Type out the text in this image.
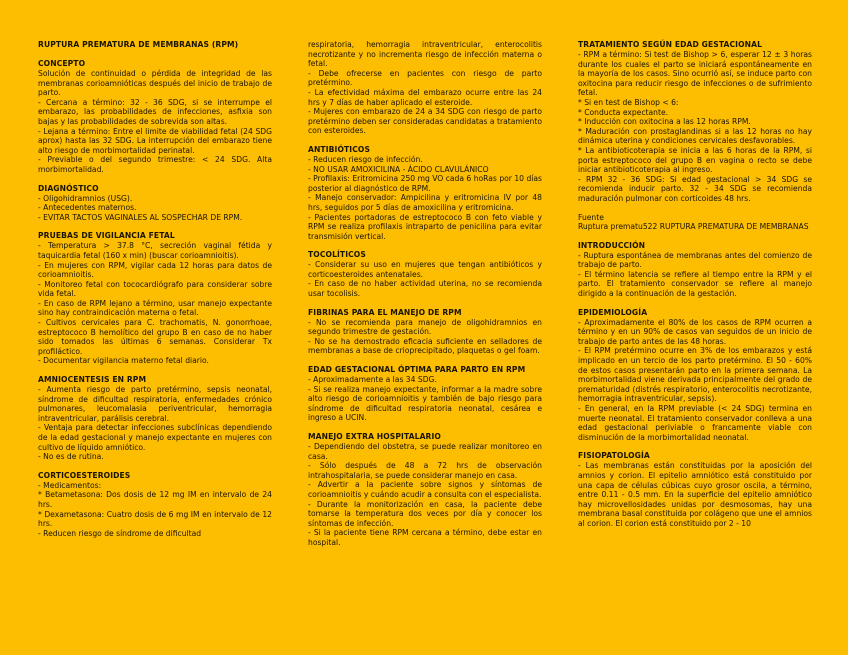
RUPTURA PREMATURA DE MEMBRANAS (RPM)
CONCEPTO
Solución de continuidad o pérdida de integridad de las membranas corioamnióticas después del inicio de trabajo de parto.
- Cercana a término: 32 - 36 SDG, si se interrumpe el embarazo, las probabilidades de infecciones, asfixia son bajas y las probabilidades de sobrevida son altas.
- Lejana a término: Entre el limite de viabilidad fetal (24 SDG aprox) hasta las 32 SDG. La interrupción del embarazo tiene alto riesgo de morbimortalidad perinatal.
- Previable o del segundo trimestre: < 24 SDG. Alta morbimortalidad.
DIAGNÓSTICO
- Oligohidramnios (USG).
- Antecedentes maternos.
- EVITAR TACTOS VAGINALES AL SOSPECHAR DE RPM.
PRUEBAS DE VIGILANCIA FETAL
- Temperatura > 37.8 °C, secreción vaginal fétida y taquicardia fetal (160 x min) (buscar corioamnioitis).
- En mujeres con RPM, vigilar cada 12 horas para datos de corioamnioitis.
- Monitoreo fetal con tococardiógrafo para considerar sobre vida fetal.
- En caso de RPM lejano a término, usar manejo expectante sino hay contraindicación materna o fetal.
- Cultivos cervicales para C. trachomatis, N. gonorrhoae, estreptococo B hemolítico del grupo B en caso de no haber sido tomados las últimas 6 semanas. Considerar Tx profiláctico.
- Documentar vigilancia materno fetal diario.
AMNIOCENTESIS EN RPM
- Aumenta riesgo de parto pretérmino, sepsis neonatal, síndrome de dificultad respiratoria, enfermedades crónico pulmonares, leucomalasia periventricular, hemorragia intraventricular, parálisis cerebral.
- Ventaja para detectar infecciones subclínicas dependiendo de la edad gestacional y manejo expectante en mujeres con cultivo de líquido amniótico.
- No es de rutina.
CORTICOESTEROIDES
- Medicamentos:
* Betametasona: Dos dosis de 12 mg IM en intervalo de 24 hrs.
* Dexametasona: Cuatro dosis de 6 mg IM en intervalo de 12 hrs.
- Reducen riesgo de síndrome de dificultad
respiratoria, hemorragia intraventricular, enterocolitis necrotizante y no incrementa riesgo de infección materna o fetal.
- Debe ofrecerse en pacientes con riesgo de parto pretérmino.
- La efectividad máxima del embarazo ocurre entre las 24 hrs y 7 días de haber aplicado el esteroide.
- Mujeres con embarazo de 24 a 34 SDG con riesgo de parto pretérmino deben ser consideradas candidatas a tratamiento con esteroides.
ANTIBIÓTICOS
- Reducen riesgo de infección.
- NO USAR AMOXICILINA - ÁCIDO CLAVULÁNICO
- Profilaxis: Eritromicina 250 mg VO cada 6 hoRas por 10 días posterior al diagnóstico de RPM.
- Manejo conservador: Ampicilina y eritromicina IV por 48 hrs, seguidos por 5 días de amoxicilina y eritromicina.
- Pacientes portadoras de estreptococo B con feto viable y RPM se realiza profilaxis intraparto de penicilina para evitar transmisión vertical.
TOCOLÍTICOS
- Considerar su uso en mujeres que tengan antibióticos y corticoesteroides antenatales.
- En caso de no haber actividad uterina, no se recomienda usar tocolisis.
FIBRINAS PARA EL MANEJO DE RPM
- No se recomienda para manejo de oligohidramnios en segundo trimestre de gestación.
- No se ha demostrado eficacia suficiente en selladores de membranas a base de crioprecipitado, plaquetas o gel foam.
EDAD GESTACIONAL ÓPTIMA PARA PARTO EN RPM
- Aproximadamente a las 34 SDG.
- Si se realiza manejo expectante, informar a la madre sobre alto riesgo de corioamnioitis y también de bajo riesgo para síndrome de dificultad respiratoria neonatal, cesárea e ingreso a UCIN.
MANEJO EXTRA HOSPITALARIO
- Dependiendo del obstetra, se puede realizar monitoreo en casa.
- Sólo después de 48 a 72 hrs de observación intrahospitalaria, se puede considerar manejo en casa.
- Advertir a la paciente sobre signos y síntomas de corioamnioitis y cuándo acudir a consulta con el especialista.
- Durante la monitorización en casa, la paciente debe tomarse la temperatura dos veces por día y conocer los síntomas de infección.
- Si la paciente tiene RPM cercana a término, debe estar en hospital.
TRATAMIENTO SEGÚN EDAD GESTACIONAL
- RPM a término: Si test de Bishop > 6, esperar 12 ± 3 horas durante los cuales el parto se iniciará espontáneamente en la mayoría de los casos. Sino ocurrió así, se induce parto con oxitocina para reducir riesgo de infecciones o de sufrimiento fetal.
* Si en test de Bishop < 6:
* Conducta expectante.
* Inducción con oxitocina a las 12 horas RPM.
* Maduración con prostaglandinas si a las 12 horas no hay dinámica uterina y condiciones cervicales desfavorables.
* La antibioticoterapia se inicia a las 6 horas de la RPM, si porta estreptococo del grupo B en vagina o recto se debe iniciar antibioticoterapia al ingreso.
- RPM 32 - 36 SDG: Si edad gestacional > 34 SDG se recomienda inducir parto. 32 - 34 SDG se recomienda maduración pulmonar con corticoides 48 hrs.
Fuente
Ruptura prematu522 RUPTURA PREMATURA DE MEMBRANAS
INTRODUCCIÓN
- Ruptura espontánea de membranas antes del comienzo de trabajo de parto.
- El término latencia se refiere al tiempo entre la RPM y el parto. El tratamiento conservador se refiere al manejo dirigido a la continuación de la gestación.
EPIDEMIOLOGÍA
- Aproximadamente el 80% de los casos de RPM ocurren a término y en un 90% de casos van seguidos de un inicio de trabajo de parto antes de las 48 horas.
- El RPM pretérmino ocurre en 3% de los embarazos y está implicado en un tercio de los parto pretérmino. El 50 - 60% de estos casos presentarán parto en la primera semana. La morbimortalidad viene derivada principalmente del grado de prematuridad (distrés respiratorio, enterocolitis necrotizante, hemorragia intraventricular, sepsis).
- En general, en la RPM previable (< 24 SDG) termina en muerte neonatal. El tratamiento conservador conlleva a una edad gestacional periviable o francamente viable con disminución de la morbimortalidad neonatal.
FISIOPATOLOGÍA
- Las membranas están constituidas por la aposición del amnios y corion. El epitelio amniótico está constituido por una capa de células cúbicas cuyo grosor oscila, a término, entre 0.11 - 0.5 mm. En la superficie del epitelio amniótico hay microvellosidades unidas por desmosomas, hay una membrana basal constituida por colágeno que une el amnios al corion. El corion está constituido por 2 - 10
